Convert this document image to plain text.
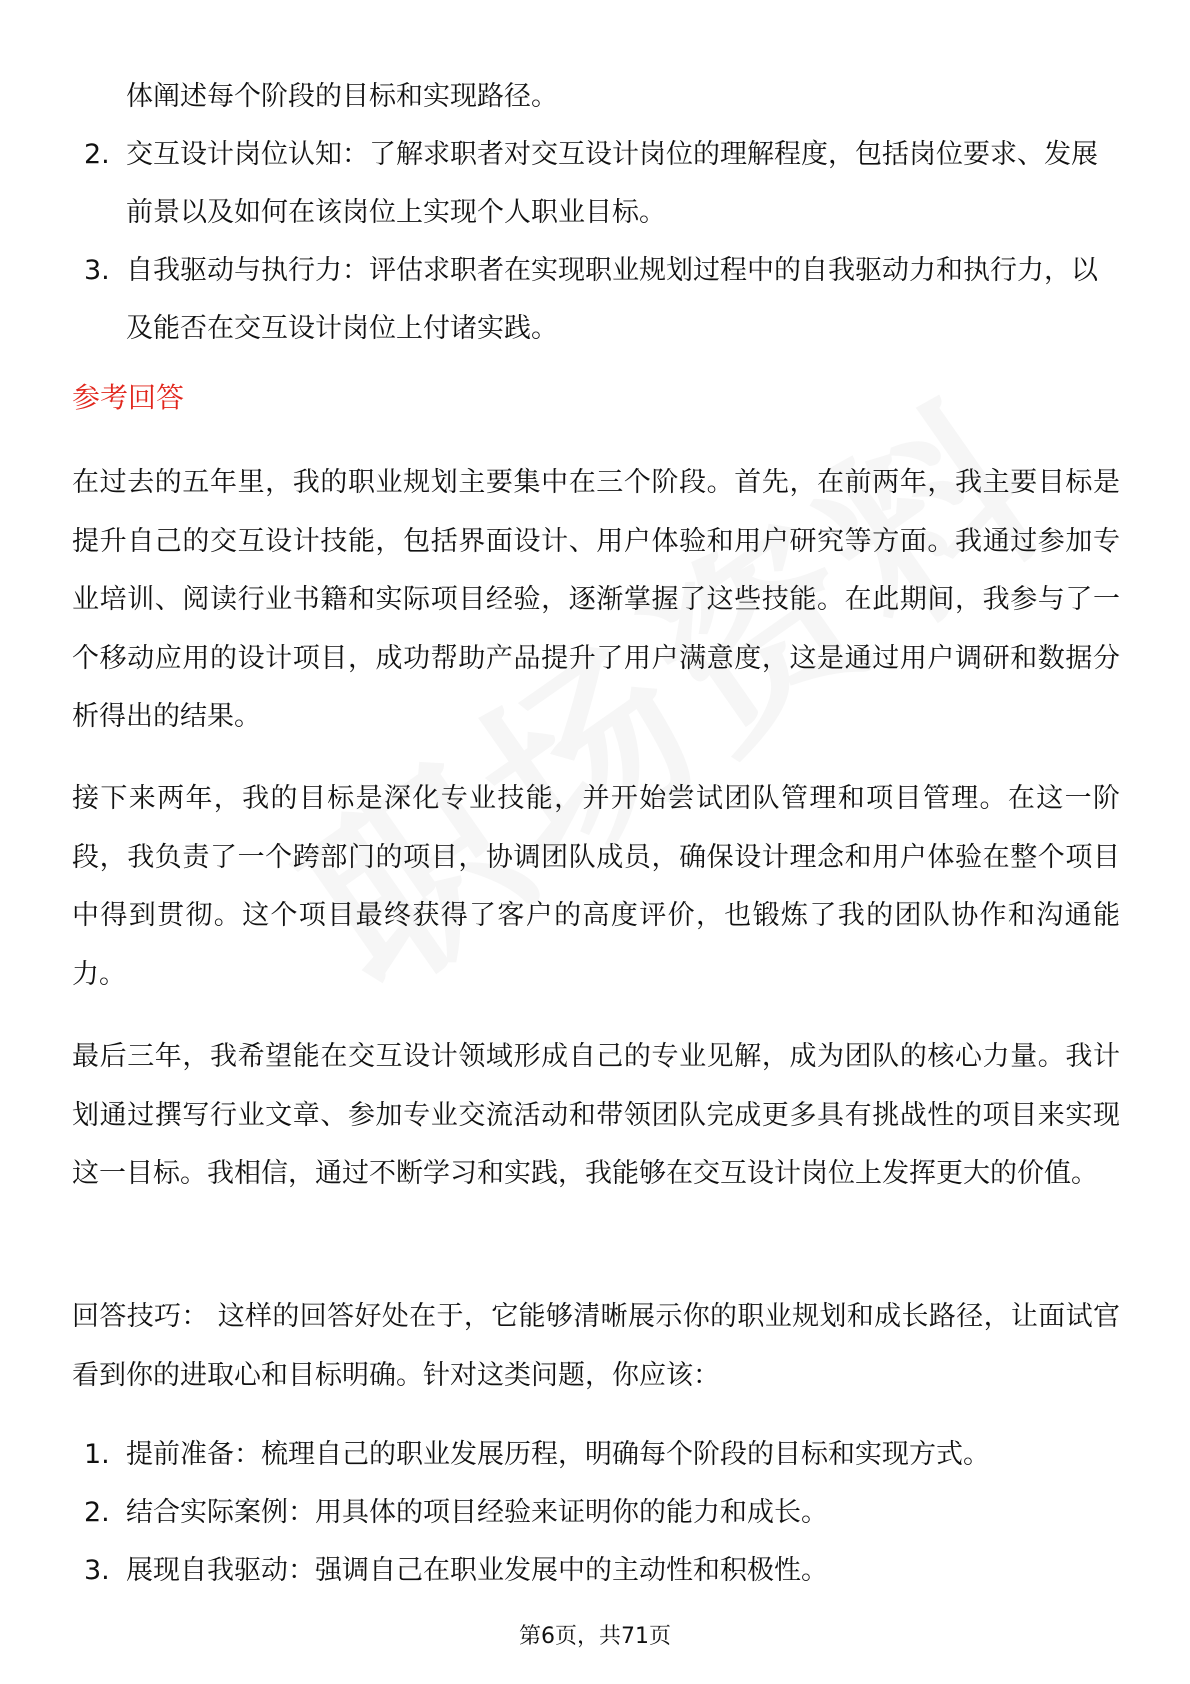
体阐述每个阶段的目标和实现路径。
2. 交互设计岗位认知：了解求职者对交互设计岗位的理解程度，包括岗位要求、发展前景以及如何在该岗位上实现个人职业目标。
3. 自我驱动与执行力：评估求职者在实现职业规划过程中的自我驱动力和执行力，以及能否在交互设计岗位上付诸实践。
参考回答

在过去的五年里，我的职业规划主要集中在三个阶段。首先，在前两年，我主要目标是提升自己的交互设计技能，包括界面设计、用户体验和用户研究等方面。我通过参加专业培训、阅读行业书籍和实际项目经验，逐渐掌握了这些技能。在此期间，我参与了一个移动应用的设计项目，成功帮助产品提升了用户满意度，这是通过用户调研和数据分析得出的结果。

接下来两年，我的目标是深化专业技能，并开始尝试团队管理和项目管理。在这一阶段，我负责了一个跨部门的项目，协调团队成员，确保设计理念和用户体验在整个项目中得到贯彻。这个项目最终获得了客户的高度评价，也锻炼了我的团队协作和沟通能力。

最后三年，我希望能在交互设计领域形成自己的专业见解，成为团队的核心力量。我计划通过撰写行业文章、参加专业交流活动和带领团队完成更多具有挑战性的项目来实现这一目标。我相信，通过不断学习和实践，我能够在交互设计岗位上发挥更大的价值。

回答技巧： 这样的回答好处在于，它能够清晰展示你的职业规划和成长路径，让面试官看到你的进取心和目标明确。针对这类问题，你应该：

1. 提前准备：梳理自己的职业发展历程，明确每个阶段的目标和实现方式。
2. 结合实际案例：用具体的项目经验来证明你的能力和成长。
3. 展现自我驱动：强调自己在职业发展中的主动性和积极性。
第6页，共71页
